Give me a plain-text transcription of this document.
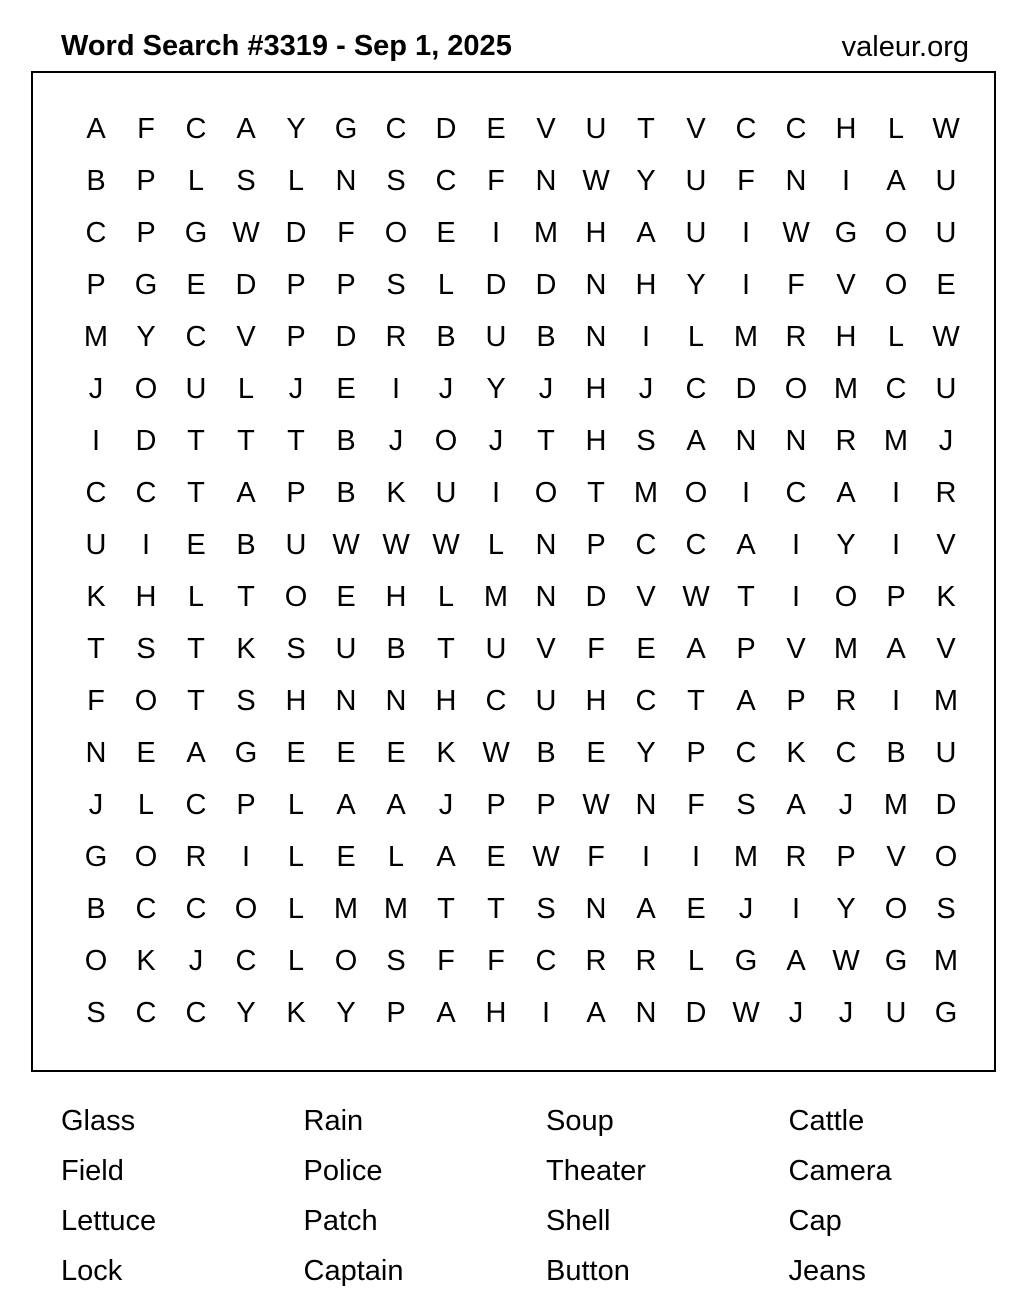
Word Search #3319 - Sep 1, 2025	valeur.org
A	F	C	A	Y	G C	D	E	V	U	T	V	C	C	H	L W
B	P	L	S	L	N	S	C	F	N W Y	U	F	N	I	A	U
C	P	G W D	F	O	E	I	M H	A	U	I	W G O U
P	G	E	D	P	P	S	L	D	D	N	H	Y	I	F	V	O	E
M Y	C	V	P	D	R	B	U	B	N	I	L	M R	H	L W
J	O U	L	J	E	I	J	Y	J	H	J	C	D O M C	U
I	D	T	T	T	B	J	O	J	T	H	S	A	N	N	R M	J
C	C	T	A	P	B	K	U	I	O	T	M O	I	C	A	I	R
U	I	E	B	U W W W L	N	P	C	C	A	I	Y	I	V
K	H	L	T	O	E	H	L	M N	D	V W T	I	O	P	K
T	S	T	K	S	U	B	T	U	V	F	E	A	P	V M A	V
F	O	T	S	H	N	N	H	C	U	H	C	T	A	P	R	I	M
N	E	A	G	E	E	E	K W B	E	Y	P	C	K	C	B	U
J	L	C	P	L	A	A	J	P	P W N	F	S	A	J	M D
G O R	I	L	E	L	A	E W F	I	I	M R	P	V	O
B	C	C O	L	M M	T	T	S	N	A	E	J	I	Y	O	S
O	K	J	C	L	O	S	F	F	C	R	R	L	G	A W G M
S	C	C	Y	K	Y	P	A	H	I	A	N	D W	J	J	U G
Glass	Rain	Soup	Cattle
Field	Police	Theater	Camera
Lettuce	Patch	Shell	Cap
Lock	Captain	Button	Jeans
